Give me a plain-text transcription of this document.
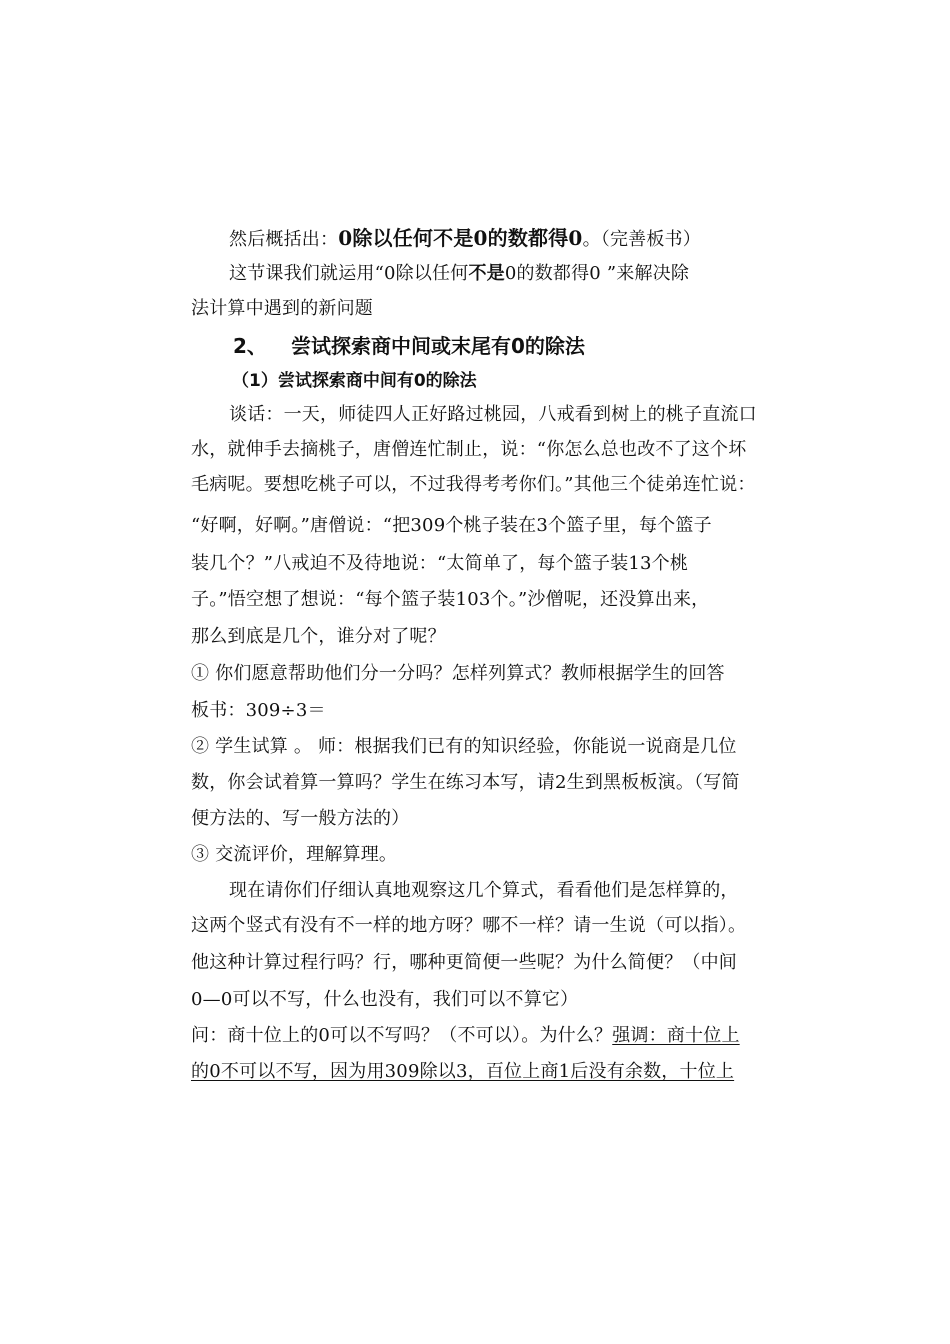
然后概括出：0除以任何不是0的数都得0。（完善板书）
这节课我们就运用“0除以任何不是0的数都得0 ”来解决除
法计算中遇到的新问题
2、 尝试探索商中间或末尾有0的除法
（1）尝试探索商中间有0的除法
谈话：一天，师徒四人正好路过桃园，八戒看到树上的桃子直流口
水，就伸手去摘桃子，唐僧连忙制止，说：“你怎么总也改不了这个坏
毛病呢。要想吃桃子可以，不过我得考考你们。”其他三个徒弟连忙说：
“好啊，好啊。”唐僧说：“把309个桃子装在3个篮子里，每个篮子
装几个？”八戒迫不及待地说：“太简单了，每个篮子装13个桃
子。”悟空想了想说：“每个篮子装103个。”沙僧呢，还没算出来，
那么到底是几个，谁分对了呢？
① 你们愿意帮助他们分一分吗？怎样列算式？教师根据学生的回答
板书：309÷3＝
② 学生试算 。 师：根据我们已有的知识经验，你能说一说商是几位
数，你会试着算一算吗？学生在练习本写，请2生到黑板板演。（写简
便方法的、写一般方法的）
③ 交流评价，理解算理。
现在请你们仔细认真地观察这几个算式，看看他们是怎样算的，
这两个竖式有没有不一样的地方呀？哪不一样？请一生说（可以指）。
他这种计算过程行吗？行，哪种更简便一些呢？为什么简便？（中间
0—0可以不写，什么也没有，我们可以不算它）
问：商十位上的0可以不写吗？（不可以）。为什么？强调：商十位上
的0不可以不写，因为用309除以3，百位上商1后没有余数，十位上
